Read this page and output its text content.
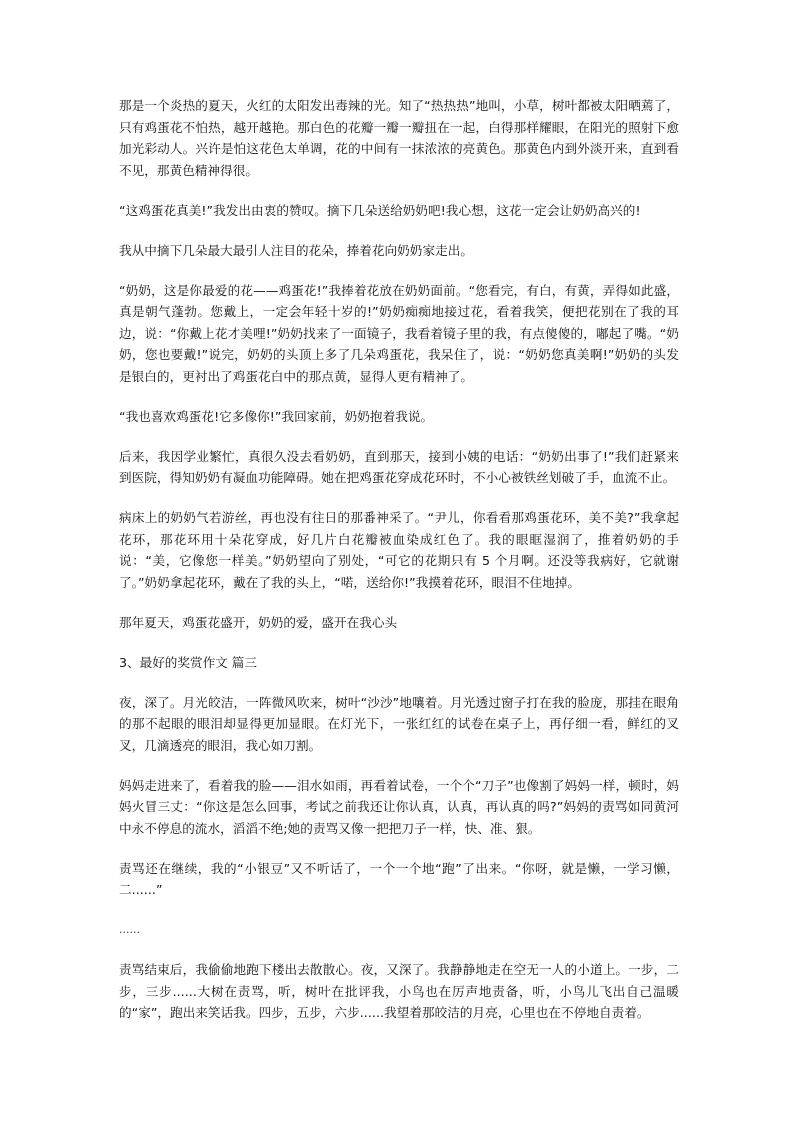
那是一个炎热的夏天，火红的太阳发出毒辣的光。知了“热热热”地叫，小草，树叶都被太阳晒蔫了，只有鸡蛋花不怕热，越开越艳。那白色的花瓣一瓣一瓣扭在一起，白得那样耀眼，在阳光的照射下愈加光彩动人。兴许是怕这花色太单调，花的中间有一抹浓浓的亮黄色。那黄色内到外淡开来，直到看不见，那黄色精神得很。

“这鸡蛋花真美!”我发出由衷的赞叹。摘下几朵送给奶奶吧!我心想，这花一定会让奶奶高兴的!

我从中摘下几朵最大最引人注目的花朵，捧着花向奶奶家走出。

“奶奶，这是你最爱的花——鸡蛋花!”我捧着花放在奶奶面前。“您看完，有白，有黄，弄得如此盛，真是朝气蓬勃。您戴上，一定会年轻十岁的!”奶奶痴痴地接过花，看着我笑，便把花别在了我的耳边，说：“你戴上花才美哩!”奶奶找来了一面镜子，我看着镜子里的我，有点傻傻的，嘟起了嘴。“奶奶，您也要戴!”说完，奶奶的头顶上多了几朵鸡蛋花，我呆住了，说：“奶奶您真美啊!”奶奶的头发是银白的，更衬出了鸡蛋花白中的那点黄，显得人更有精神了。

“我也喜欢鸡蛋花!它多像你!”我回家前，奶奶抱着我说。

后来，我因学业繁忙，真很久没去看奶奶，直到那天，接到小姨的电话：“奶奶出事了!”我们赶紧来到医院，得知奶奶有凝血功能障碍。她在把鸡蛋花穿成花环时，不小心被铁丝划破了手，血流不止。

病床上的奶奶气若游丝，再也没有往日的那番神采了。“尹儿，你看看那鸡蛋花环，美不美?”我拿起花环，那花环用十朵花穿成，好几片白花瓣被血染成红色了。我的眼眶湿润了，推着奶奶的手说：“美，它像您一样美。”奶奶望向了别处，“可它的花期只有 5 个月啊。还没等我病好，它就谢了。”奶奶拿起花环，戴在了我的头上，“喏，送给你!”我摸着花环，眼泪不住地掉。

那年夏天，鸡蛋花盛开，奶奶的爱，盛开在我心头

3、最好的奖赏作文 篇三

夜，深了。月光皎洁，一阵微风吹来，树叶“沙沙”地嚷着。月光透过窗子打在我的脸庞，那挂在眼角的那不起眼的眼泪却显得更加显眼。在灯光下，一张红红的试卷在桌子上，再仔细一看，鲜红的叉叉，几滴透亮的眼泪，我心如刀割。

妈妈走进来了，看着我的脸——泪水如雨，再看着试卷，一个个“刀子”也像割了妈妈一样，顿时，妈妈火冒三丈：“你这是怎么回事，考试之前我还让你认真，认真，再认真的吗?”妈妈的责骂如同黄河中永不停息的流水，滔滔不绝;她的责骂又像一把把刀子一样，快、准、狠。

责骂还在继续，我的“小银豆”又不听话了，一个一个地“跑”了出来。“你呀，就是懒，一学习懒，二......”

......

责骂结束后，我偷偷地跑下楼出去散散心。夜，又深了。我静静地走在空无一人的小道上。一步，二步，三步......大树在责骂，听，树叶在批评我，小鸟也在厉声地责备，听，小鸟儿飞出自己温暖的“家”，跑出来笑话我。四步，五步，六步......我望着那皎洁的月亮，心里也在不停地自责着。
